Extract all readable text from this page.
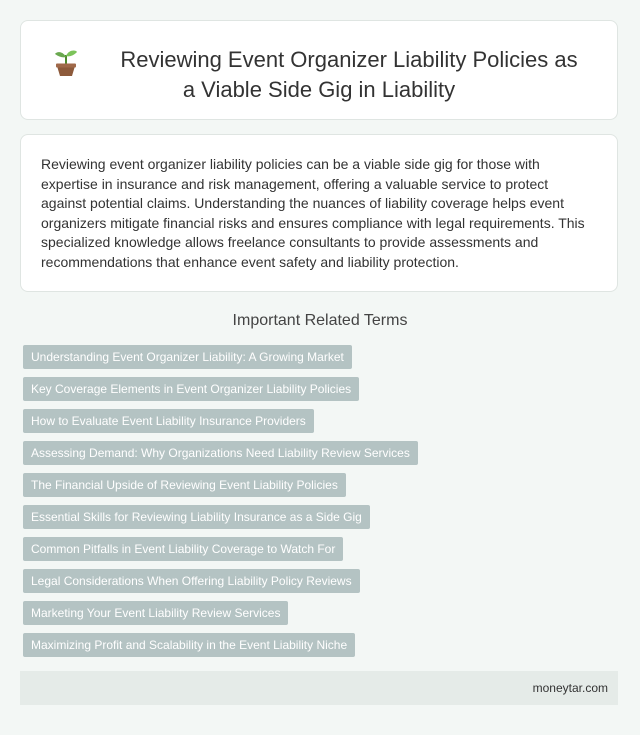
Reviewing Event Organizer Liability Policies as
a Viable Side Gig in Liability

Reviewing event organizer liability policies can be a viable side gig for those with expertise in insurance and risk management, offering a valuable service to protect against potential claims. Understanding the nuances of liability coverage helps event organizers mitigate financial risks and ensures compliance with legal requirements. This specialized knowledge allows freelance consultants to provide assessments and recommendations that enhance event safety and liability protection.

Important Related Terms
Understanding Event Organizer Liability: A Growing Market
Key Coverage Elements in Event Organizer Liability Policies
How to Evaluate Event Liability Insurance Providers
Assessing Demand: Why Organizations Need Liability Review Services
The Financial Upside of Reviewing Event Liability Policies
Essential Skills for Reviewing Liability Insurance as a Side Gig
Common Pitfalls in Event Liability Coverage to Watch For
Legal Considerations When Offering Liability Policy Reviews
Marketing Your Event Liability Review Services
Maximizing Profit and Scalability in the Event Liability Niche
moneytar.com
